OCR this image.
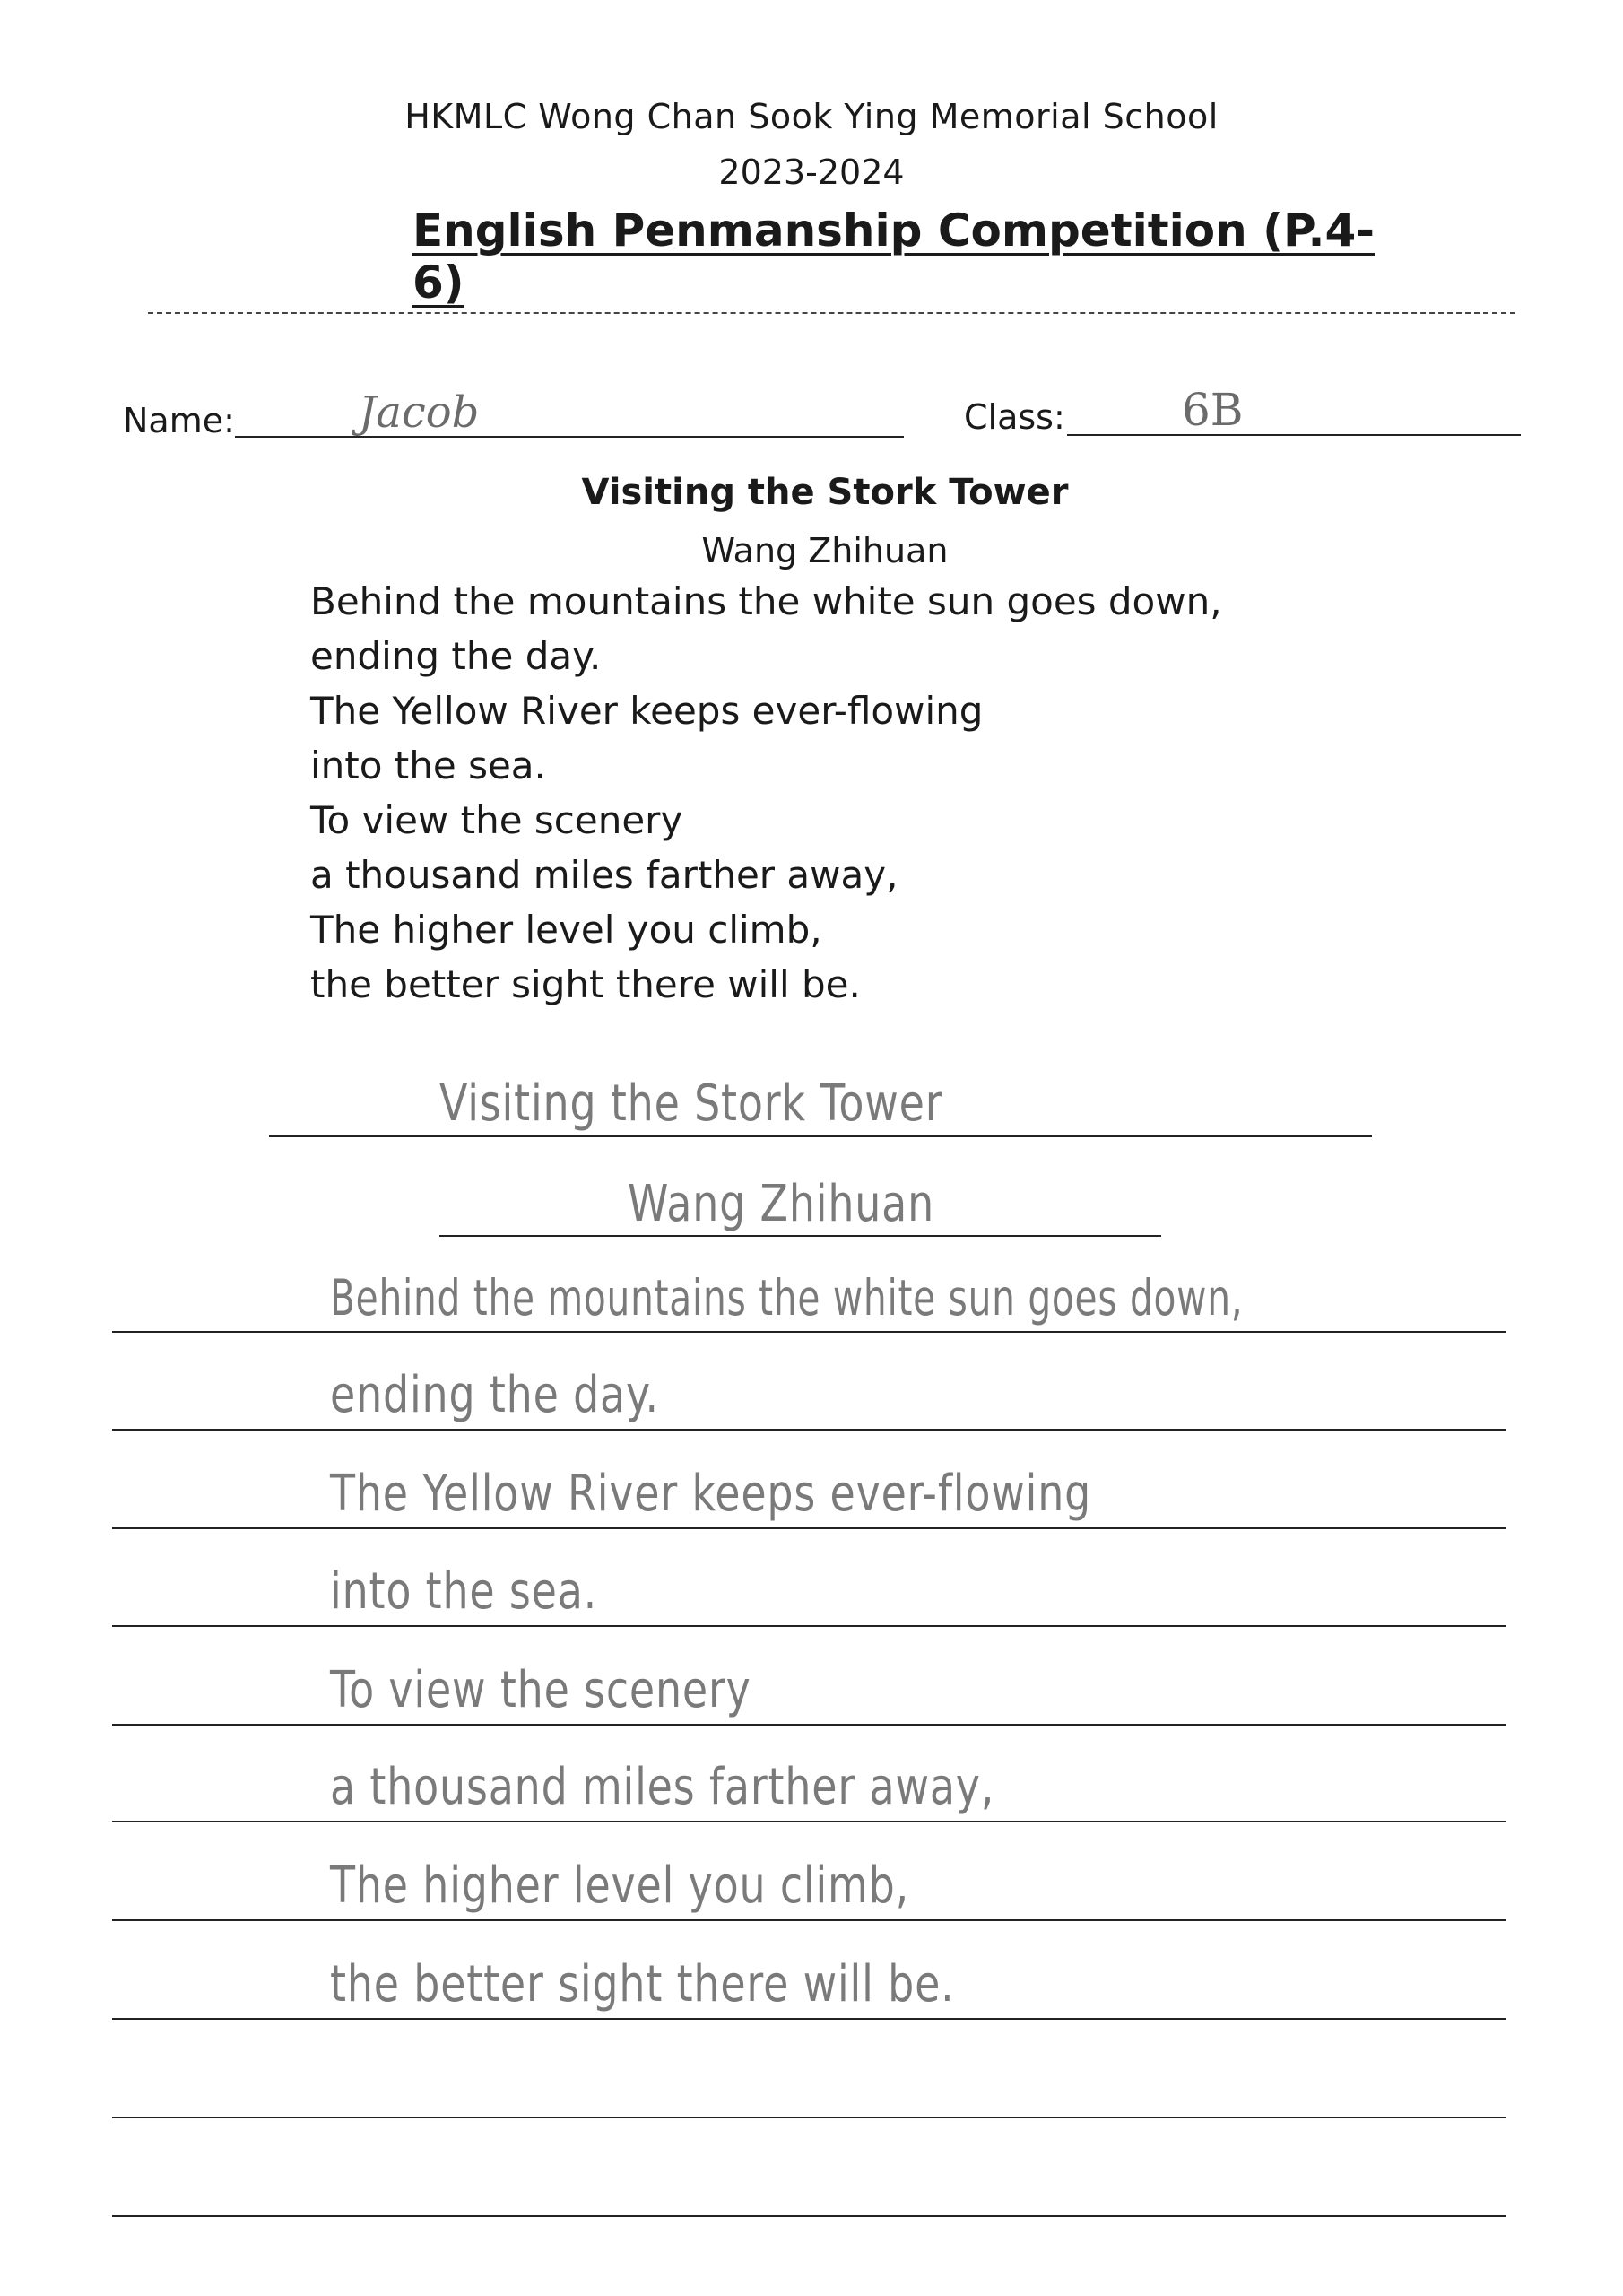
HKMLC Wong Chan Sook Ying Memorial School
2023-2024
English Penmanship Competition (P.4-6)
Name:	Jacob	Class:	6B
Visiting the Stork Tower
Wang Zhihuan
Behind the mountains the white sun goes down,
ending the day.
The Yellow River keeps ever-flowing
into the sea.
To view the scenery
a thousand miles farther away,
The higher level you climb,
the better sight there will be.
Visiting the Stork Tower
Wang Zhihuan
Behind the mountains the white sun goes down,
ending the day.
The Yellow River keeps ever-flowing
into the sea.
To view the scenery
a thousand miles farther away,
The higher level you climb,
the better sight there will be.
